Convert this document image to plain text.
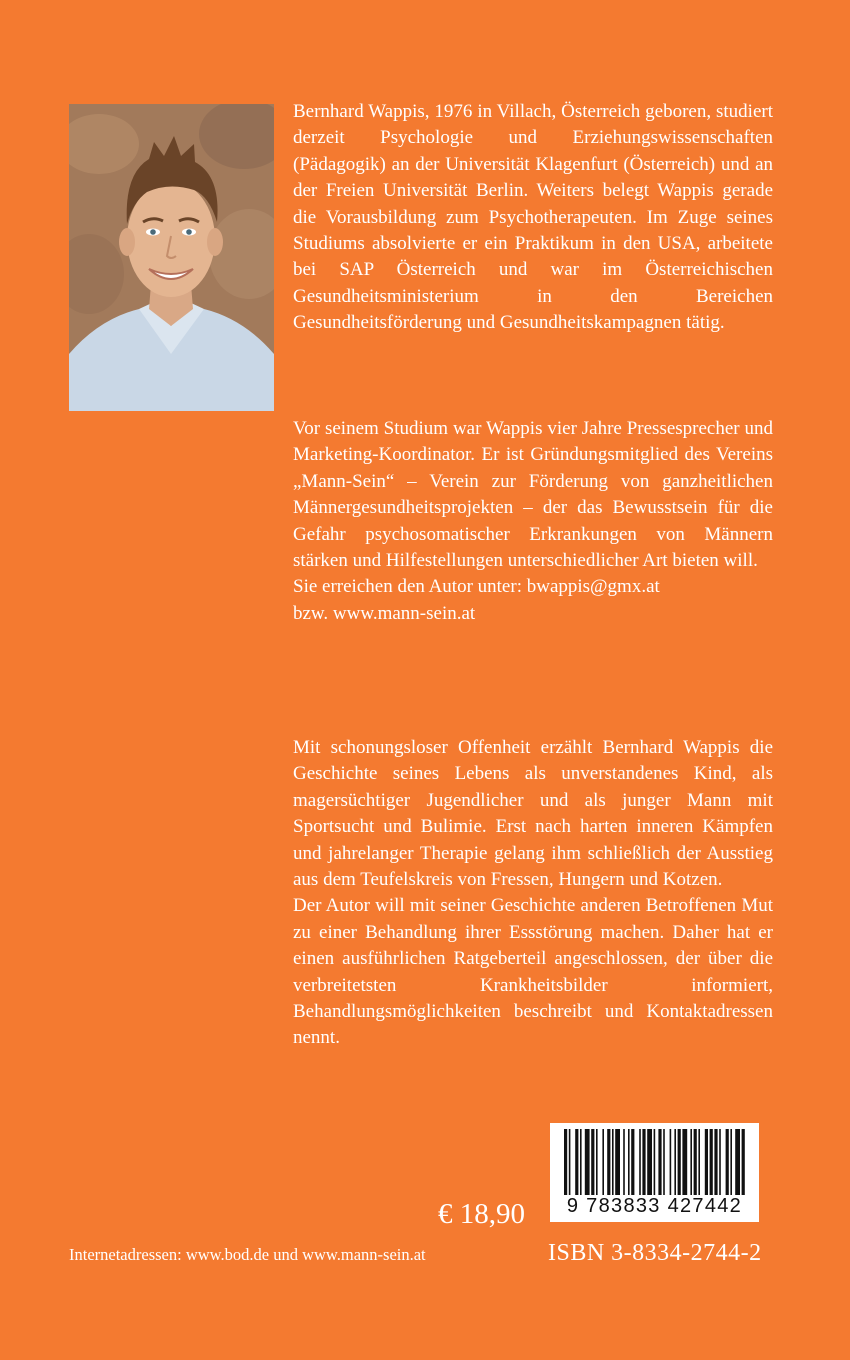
Bernhard Wappis, 1976 in Villach, Österreich geboren, studiert derzeit Psychologie und Erziehungswissenschaften (Pädagogik) an der Universität Klagenfurt (Österreich) und an der Freien Universität Berlin. Weiters belegt Wappis gerade die Vorausbildung zum Psychotherapeuten. Im Zuge seines Studiums absolvierte er ein Praktikum in den USA, arbeitete bei SAP Österreich und war im Österreichischen Gesundheitsministerium in den Bereichen Gesundheitsförderung und Gesundheitskampagnen tätig.

Vor seinem Studium war Wappis vier Jahre Pressesprecher und Marketing-Koordinator. Er ist Gründungsmitglied des Vereins „Mann-Sein“ – Verein zur Förderung von ganzheitlichen Männergesundheitsprojekten – der das Bewusstsein für die Gefahr psychosomatischer Erkrankungen von Männern stärken und Hilfestellungen unterschiedlicher Art bieten will.

Sie erreichen den Autor unter: bwappis@gmx.at

bzw. www.mann-sein.at

Mit schonungsloser Offenheit erzählt Bernhard Wappis die Geschichte seines Lebens als unverstandenes Kind, als magersüchtiger Jugendlicher und als junger Mann mit Sportsucht und Bulimie. Erst nach harten inneren Kämpfen und jahrelanger Therapie gelang ihm schließlich der Ausstieg aus dem Teufelskreis von Fressen, Hungern und Kotzen.

Der Autor will mit seiner Geschichte anderen Betroffenen Mut zu einer Behandlung ihrer Essstörung machen. Daher hat er einen ausführlichen Ratgeberteil angeschlossen, der über die verbreitetsten Krankheitsbilder informiert, Behandlungsmöglichkeiten beschreibt und Kontaktadressen nennt.

€ 18,90	9 783833 427442
Internetadressen: www.bod.de und www.mann-sein.at	ISBN 3-8334-2744-2
